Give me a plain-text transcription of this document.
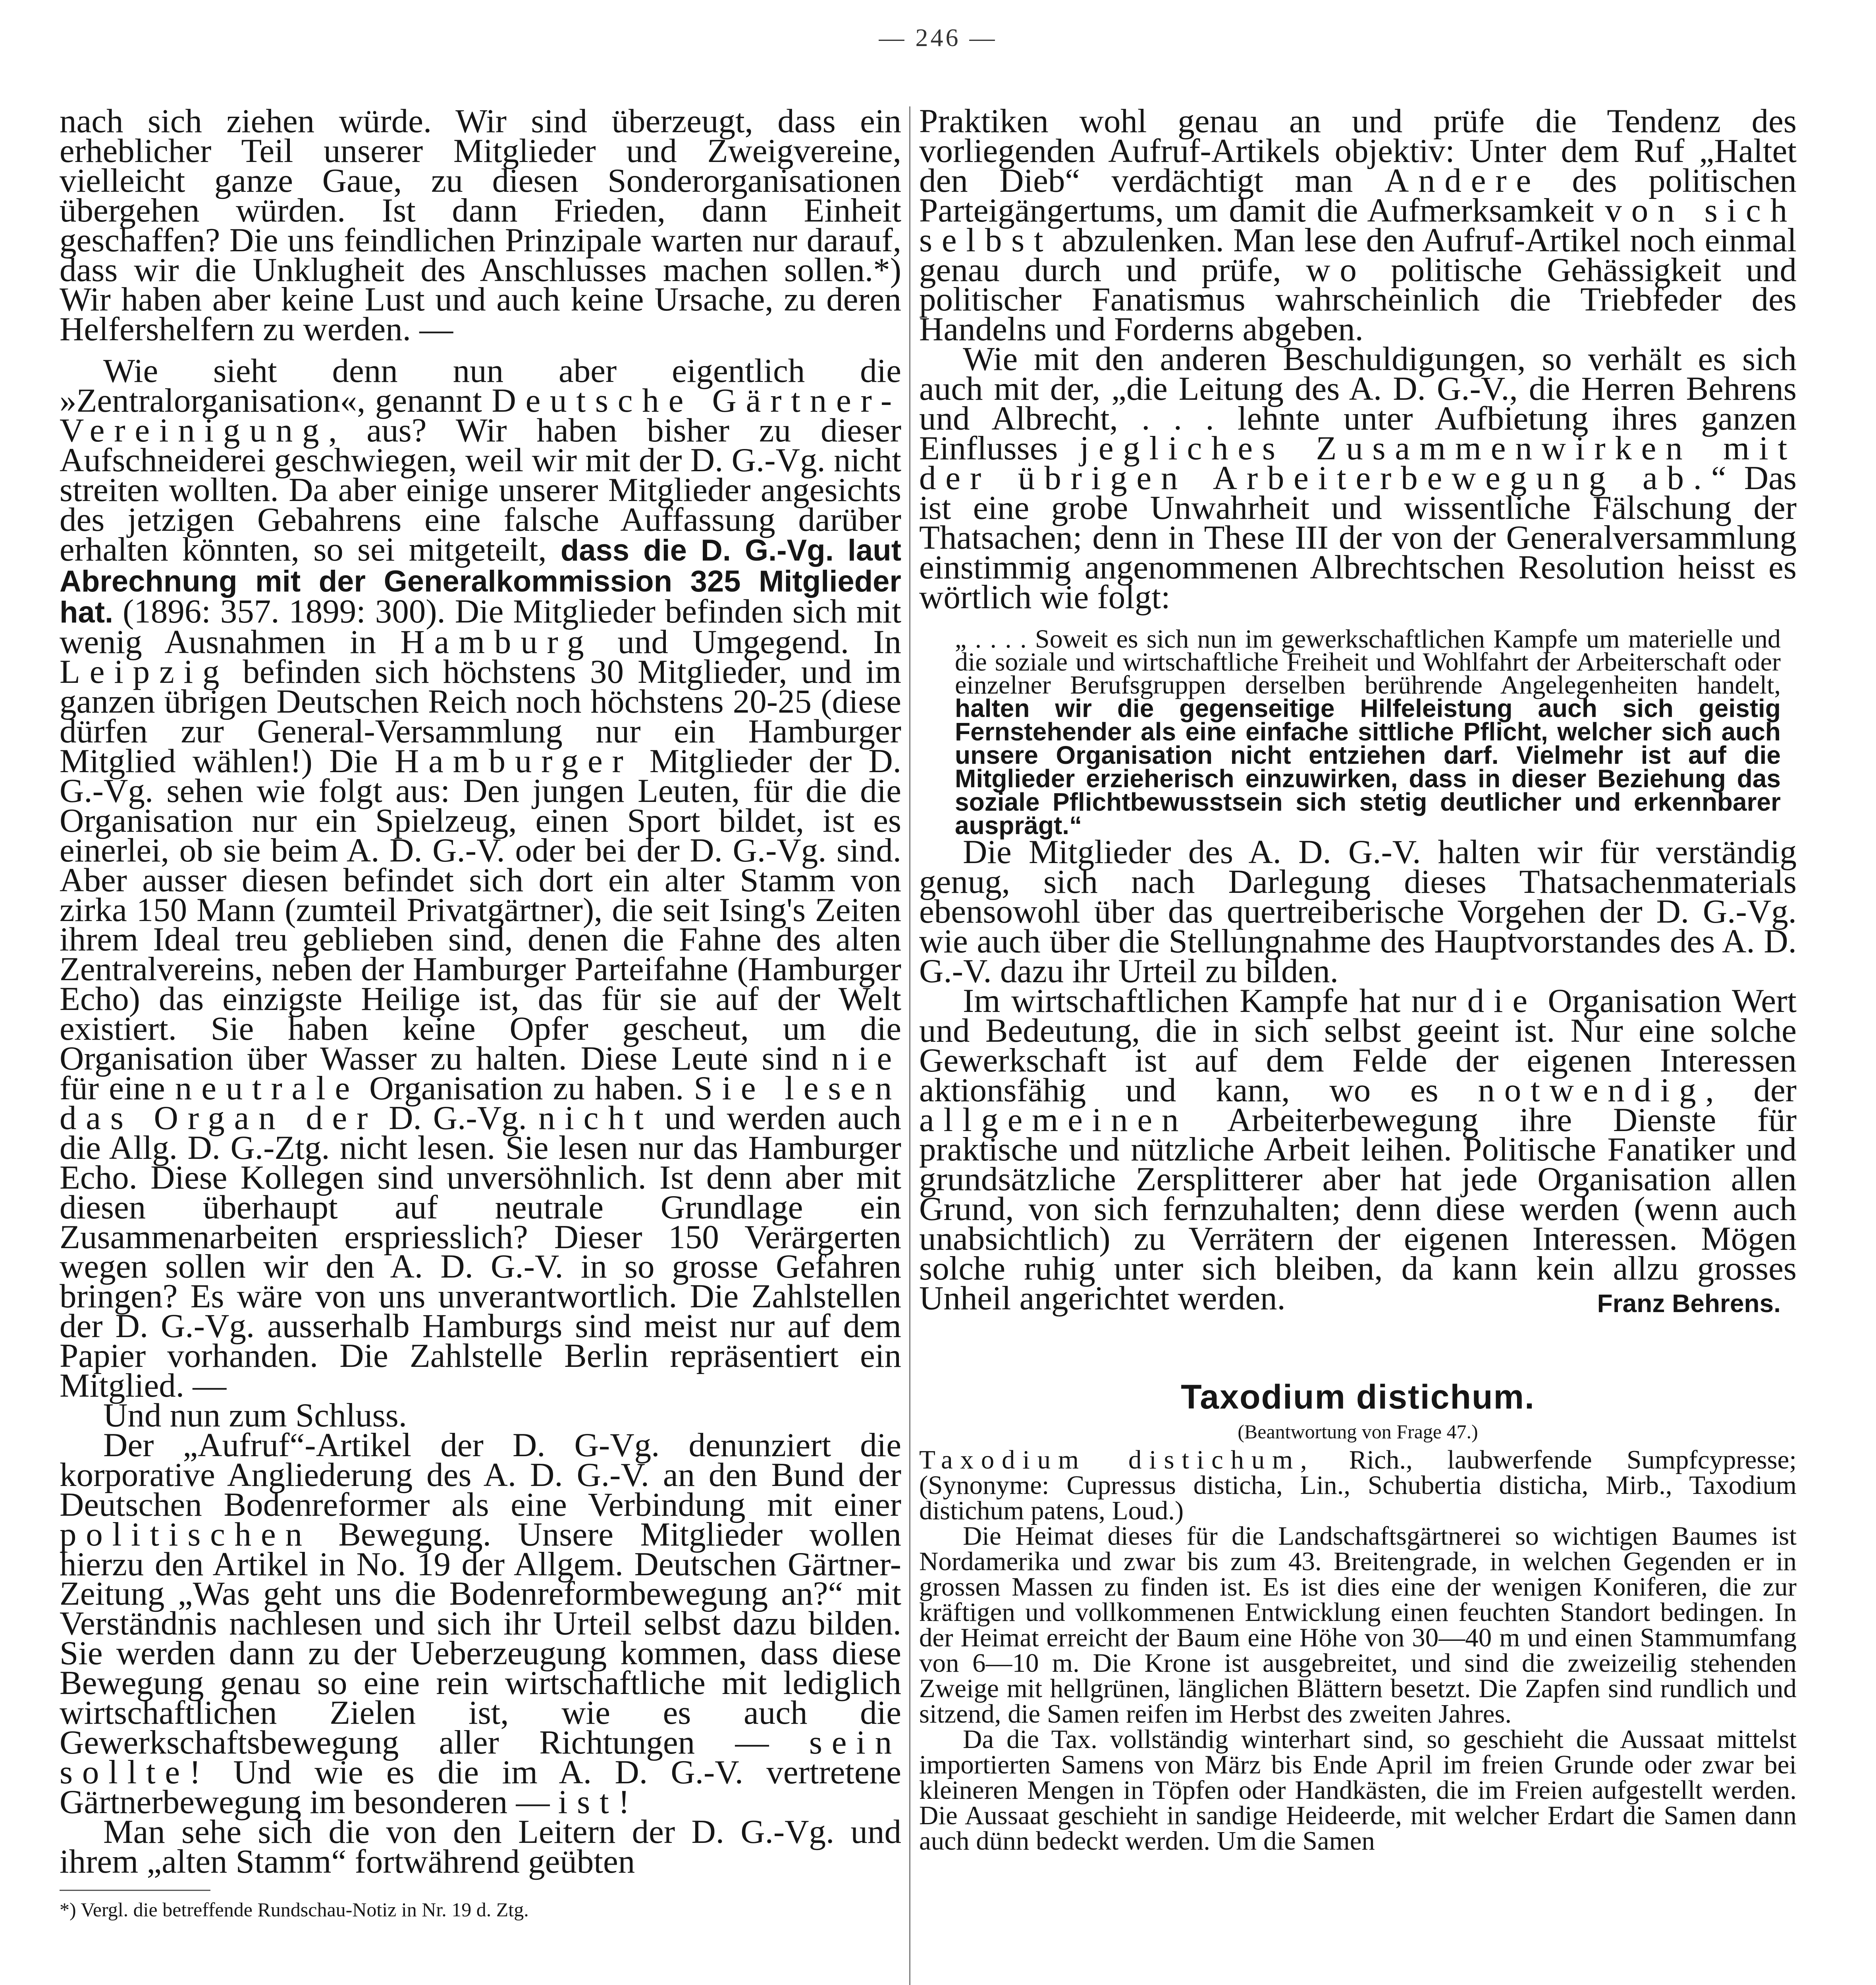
— 246 —

nach sich ziehen würde. Wir sind überzeugt, dass ein erheblicher Teil unserer Mitglieder und Zweigvereine, vielleicht ganze Gaue, zu diesen Sonderorganisationen übergehen würden. Ist dann Frieden, dann Einheit geschaffen? Die uns feindlichen Prinzipale warten nur darauf, dass wir die Unklugheit des Anschlusses machen sollen.*) Wir haben aber keine Lust und auch keine Ursache, zu deren Helfershelfern zu werden. —

Wie sieht denn nun aber eigentlich die »Zentralorganisation«, genannt Deutsche Gärtner-Vereinigung, aus? Wir haben bisher zu dieser Aufschneiderei geschwiegen, weil wir mit der D. G.-Vg. nicht streiten wollten. Da aber einige unserer Mitglieder angesichts des jetzigen Gebahrens eine falsche Auffassung darüber erhalten könnten, so sei mitgeteilt, dass die D. G.-Vg. laut Abrechnung mit der Generalkommission 325 Mitglieder hat. (1896: 357. 1899: 300). Die Mitglieder befinden sich mit wenig Ausnahmen in Hamburg und Umgegend. In Leipzig befinden sich höchstens 30 Mitglieder, und im ganzen übrigen Deutschen Reich noch höchstens 20-25 (diese dürfen zur General-Versammlung nur ein Hamburger Mitglied wählen!) Die Hamburger Mitglieder der D. G.-Vg. sehen wie folgt aus: Den jungen Leuten, für die die Organisation nur ein Spielzeug, einen Sport bildet, ist es einerlei, ob sie beim A. D. G.-V. oder bei der D. G.-Vg. sind. Aber ausser diesen befindet sich dort ein alter Stamm von zirka 150 Mann (zumteil Privatgärtner), die seit Ising's Zeiten ihrem Ideal treu geblieben sind, denen die Fahne des alten Zentralvereins, neben der Hamburger Parteifahne (Hamburger Echo) das einzigste Heilige ist, das für sie auf der Welt existiert. Sie haben keine Opfer gescheut, um die Organisation über Wasser zu halten. Diese Leute sind nie für eine neutrale Organisation zu haben. Sie lesen das Organ der D. G.-Vg. nicht und werden auch die Allg. D. G.-Ztg. nicht lesen. Sie lesen nur das Hamburger Echo. Diese Kollegen sind unversöhnlich. Ist denn aber mit diesen überhaupt auf neutrale Grundlage ein Zusammenarbeiten erspriesslich? Dieser 150 Verärgerten wegen sollen wir den A. D. G.-V. in so grosse Gefahren bringen? Es wäre von uns unverantwortlich. Die Zahlstellen der D. G.-Vg. ausserhalb Hamburgs sind meist nur auf dem Papier vorhanden. Die Zahlstelle Berlin repräsentiert ein Mitglied. —

Und nun zum Schluss.

Der „Aufruf“-Artikel der D. G-Vg. denunziert die korporative Angliederung des A. D. G.-V. an den Bund der Deutschen Bodenreformer als eine Verbindung mit einer politischen Bewegung. Unsere Mitglieder wollen hierzu den Artikel in No. 19 der Allgem. Deutschen Gärtner-Zeitung „Was geht uns die Bodenreformbewegung an?“ mit Verständnis nachlesen und sich ihr Urteil selbst dazu bilden. Sie werden dann zu der Ueberzeugung kommen, dass diese Bewegung genau so eine rein wirtschaftliche mit lediglich wirtschaftlichen Zielen ist, wie es auch die Gewerkschaftsbewegung aller Richtungen — sein sollte! Und wie es die im A. D. G.-V. vertretene Gärtnerbewegung im besonderen — ist!

Man sehe sich die von den Leitern der D. G.-Vg. und ihrem „alten Stamm“ fortwährend geübten

*) Vergl. die betreffende Rundschau-Notiz in Nr. 19 d. Ztg.

Praktiken wohl genau an und prüfe die Tendenz des vorliegenden Aufruf-Artikels objektiv: Unter dem Ruf „Haltet den Dieb“ verdächtigt man Andere des politischen Parteigängertums, um damit die Aufmerksamkeit von sich selbst abzulenken. Man lese den Aufruf-Artikel noch einmal genau durch und prüfe, wo politische Gehässigkeit und politischer Fanatismus wahrscheinlich die Triebfeder des Handelns und Forderns abgeben.

Wie mit den anderen Beschuldigungen, so verhält es sich auch mit der, „die Leitung des A. D. G.-V., die Herren Behrens und Albrecht, . . . lehnte unter Aufbietung ihres ganzen Einflusses jegliches Zusammenwirken mit der übrigen Arbeiterbewegung ab.“ Das ist eine grobe Unwahrheit und wissentliche Fälschung der Thatsachen; denn in These III der von der Generalversammlung einstimmig angenommenen Albrechtschen Resolution heisst es wörtlich wie folgt:

„ . . . . Soweit es sich nun im gewerkschaftlichen Kampfe um materielle und die soziale und wirtschaftliche Freiheit und Wohlfahrt der Arbeiterschaft oder einzelner Berufsgruppen derselben berührende Angelegenheiten handelt, halten wir die gegenseitige Hilfeleistung auch sich geistig Fernstehender als eine einfache sittliche Pflicht, welcher sich auch unsere Organisation nicht entziehen darf. Vielmehr ist auf die Mitglieder erzieherisch einzuwirken, dass in dieser Beziehung das soziale Pflichtbewusstsein sich stetig deutlicher und erkennbarer ausprägt.“

Die Mitglieder des A. D. G.-V. halten wir für verständig genug, sich nach Darlegung dieses Thatsachenmaterials ebensowohl über das quertreiberische Vorgehen der D. G.-Vg. wie auch über die Stellungnahme des Hauptvorstandes des A. D. G.-V. dazu ihr Urteil zu bilden.

Im wirtschaftlichen Kampfe hat nur die Organisation Wert und Bedeutung, die in sich selbst geeint ist. Nur eine solche Gewerkschaft ist auf dem Felde der eigenen Interessen aktionsfähig und kann, wo es notwendig, der allgemeinen Arbeiterbewegung ihre Dienste für praktische und nützliche Arbeit leihen. Politische Fanatiker und grundsätzliche Zersplitterer aber hat jede Organisation allen Grund, von sich fernzuhalten; denn diese werden (wenn auch unabsichtlich) zu Verrätern der eigenen Interessen. Mögen solche ruhig unter sich bleiben, da kann kein allzu grosses Unheil angerichtet werden.	Franz Behrens.

Taxodium distichum.
(Beantwortung von Frage 47.)

Taxodium distichum, Rich., laubwerfende Sumpfcypresse; (Synonyme: Cupressus disticha, Lin., Schubertia disticha, Mirb., Taxodium distichum patens, Loud.)

Die Heimat dieses für die Landschaftsgärtnerei so wichtigen Baumes ist Nordamerika und zwar bis zum 43. Breitengrade, in welchen Gegenden er in grossen Massen zu finden ist. Es ist dies eine der wenigen Koniferen, die zur kräftigen und vollkommenen Entwicklung einen feuchten Standort bedingen. In der Heimat erreicht der Baum eine Höhe von 30—40 m und einen Stammumfang von 6—10 m. Die Krone ist ausgebreitet, und sind die zweizeilig stehenden Zweige mit hellgrünen, länglichen Blättern besetzt. Die Zapfen sind rundlich und sitzend, die Samen reifen im Herbst des zweiten Jahres.

Da die Tax. vollständig winterhart sind, so geschieht die Aussaat mittelst importierten Samens von März bis Ende April im freien Grunde oder zwar bei kleineren Mengen in Töpfen oder Handkästen, die im Freien aufgestellt werden. Die Aussaat geschieht in sandige Heideerde, mit welcher Erdart die Samen dann auch dünn bedeckt werden. Um die Samen
